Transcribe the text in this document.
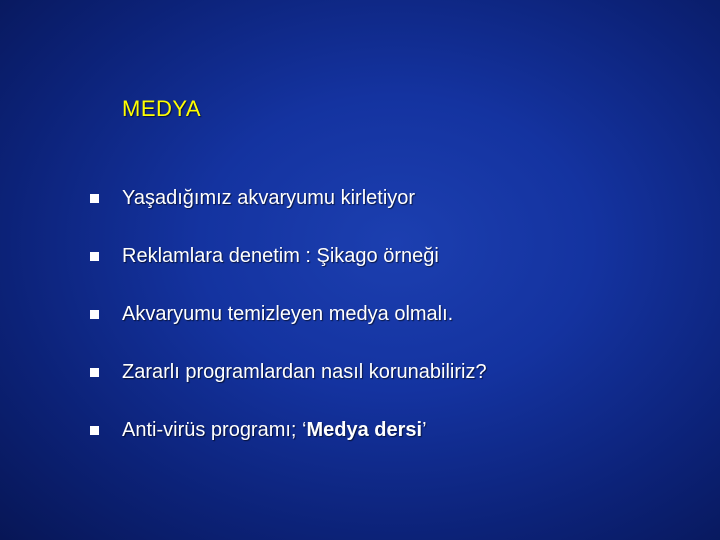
MEDYA
Yaşadığımız akvaryumu kirletiyor
Reklamlara denetim : Şikago örneği
Akvaryumu temizleyen medya olmalı.
Zararlı programlardan nasıl korunabiliriz?
Anti-virüs programı; ‘Medya dersi’
